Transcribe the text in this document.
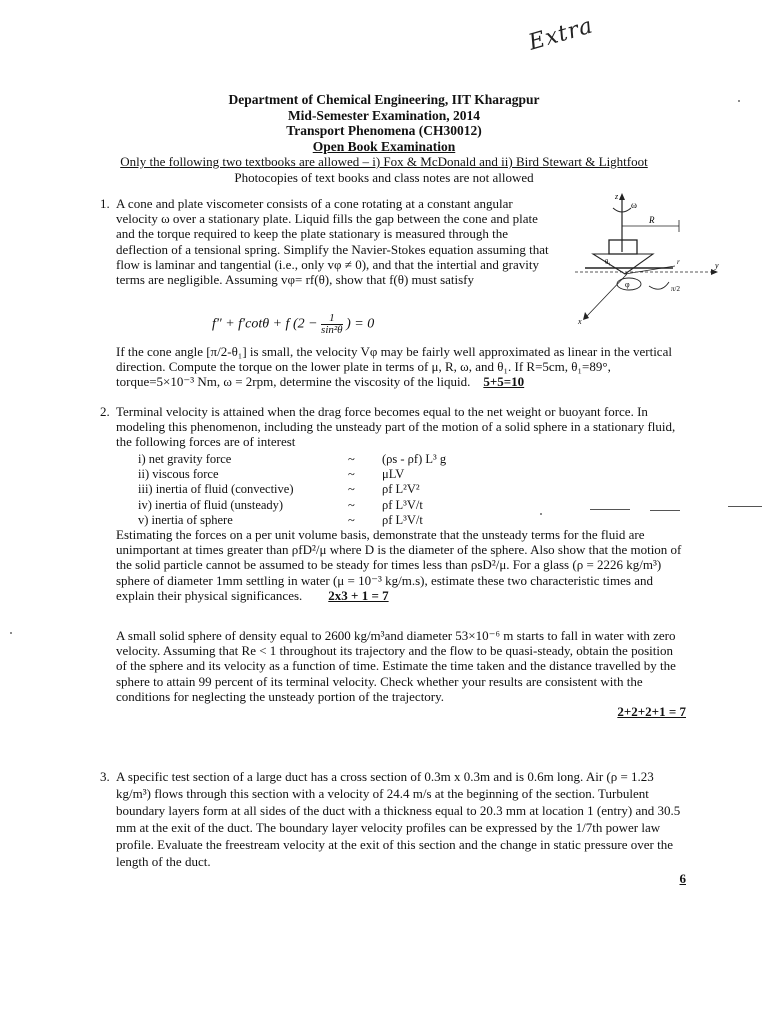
Extra
Department of Chemical Engineering, IIT Kharagpur
Mid-Semester Examination, 2014
Transport Phenomena (CH30012)
Open Book Examination
Only the following two textbooks are allowed – i) Fox & McDonald and ii) Bird Stewart & Lightfoot
Photocopies of text books and class notes are not allowed
1. A cone and plate viscometer consists of a cone rotating at a constant angular velocity ω over a stationary plate. Liquid fills the gap between the cone and plate and the torque required to keep the plate stationary is measured through the deflection of a tensional spring. Simplify the Navier-Stokes equation assuming that flow is laminar and tangential (i.e., only vφ ≠ 0), and that the intertial and gravity terms are negligible. Assuming vφ= rf(θ), show that f(θ) must satisfy
f″ + f′cotθ + f ($2 - \frac{1}{\text{sin²θ}}$ ) = 0
If the cone angle [π/2-θ₁] is small, the velocity Vφ may be fairly well approximated as linear in the vertical direction. Compute the torque on the lower plate in terms of μ, R, ω, and θ₁. If R=5cm, θ₁=89°, torque=5×10⁻³ Nm, ω = 2rpm, determine the viscosity of the liquid. 5+5=10
z
ω
R
θ₁	y
r
φ	π/2
x
2. Terminal velocity is attained when the drag force becomes equal to the net weight or buoyant force. In modeling this phenomenon, including the unsteady part of the motion of a solid sphere in a stationary fluid, the following forces are of interest
i) net gravity force	~	(ρs - ρf) L³ g
ii) viscous force	~	μLV
iii) inertia of fluid (convective)	~	ρf L²V²
iv) inertia of fluid (unsteady)	~	ρf L³V/t
v) inertia of sphere	~	ρf L³V/t
Estimating the forces on a per unit volume basis, demonstrate that the unsteady terms for the fluid are unimportant at times greater than ρfD²/μ where D is the diameter of the sphere. Also show that the motion of the solid particle cannot be assumed to be steady for times less than ρsD²/μ. For a glass (ρ = 2226 kg/m³) sphere of diameter 1mm settling in water (μ = 10⁻³ kg/m.s), estimate these two characteristic times and explain their physical significances. 2x3 + 1 = 7
A small solid sphere of density equal to 2600 kg/m³and diameter 53×10⁻⁶ m starts to fall in water with zero velocity. Assuming that Re < 1 throughout its trajectory and the flow to be quasi-steady, obtain the position of the sphere and its velocity as a function of time. Estimate the time taken and the distance travelled by the sphere to attain 99 percent of its terminal velocity. Check whether your results are consistent with the conditions for neglecting the unsteady portion of the trajectory.
2+2+2+1 = 7
3. A specific test section of a large duct has a cross section of 0.3m x 0.3m and is 0.6m long. Air (ρ = 1.23 kg/m³) flows through this section with a velocity of 24.4 m/s at the beginning of the section. Turbulent boundary layers form at all sides of the duct with a thickness equal to 20.3 mm at location 1 (entry) and 30.5 mm at the exit of the duct. The boundary layer velocity profiles can be expressed by the 1/7th power law profile. Evaluate the freestream velocity at the exit of this section and the change in static pressure over the length of the duct.
6
